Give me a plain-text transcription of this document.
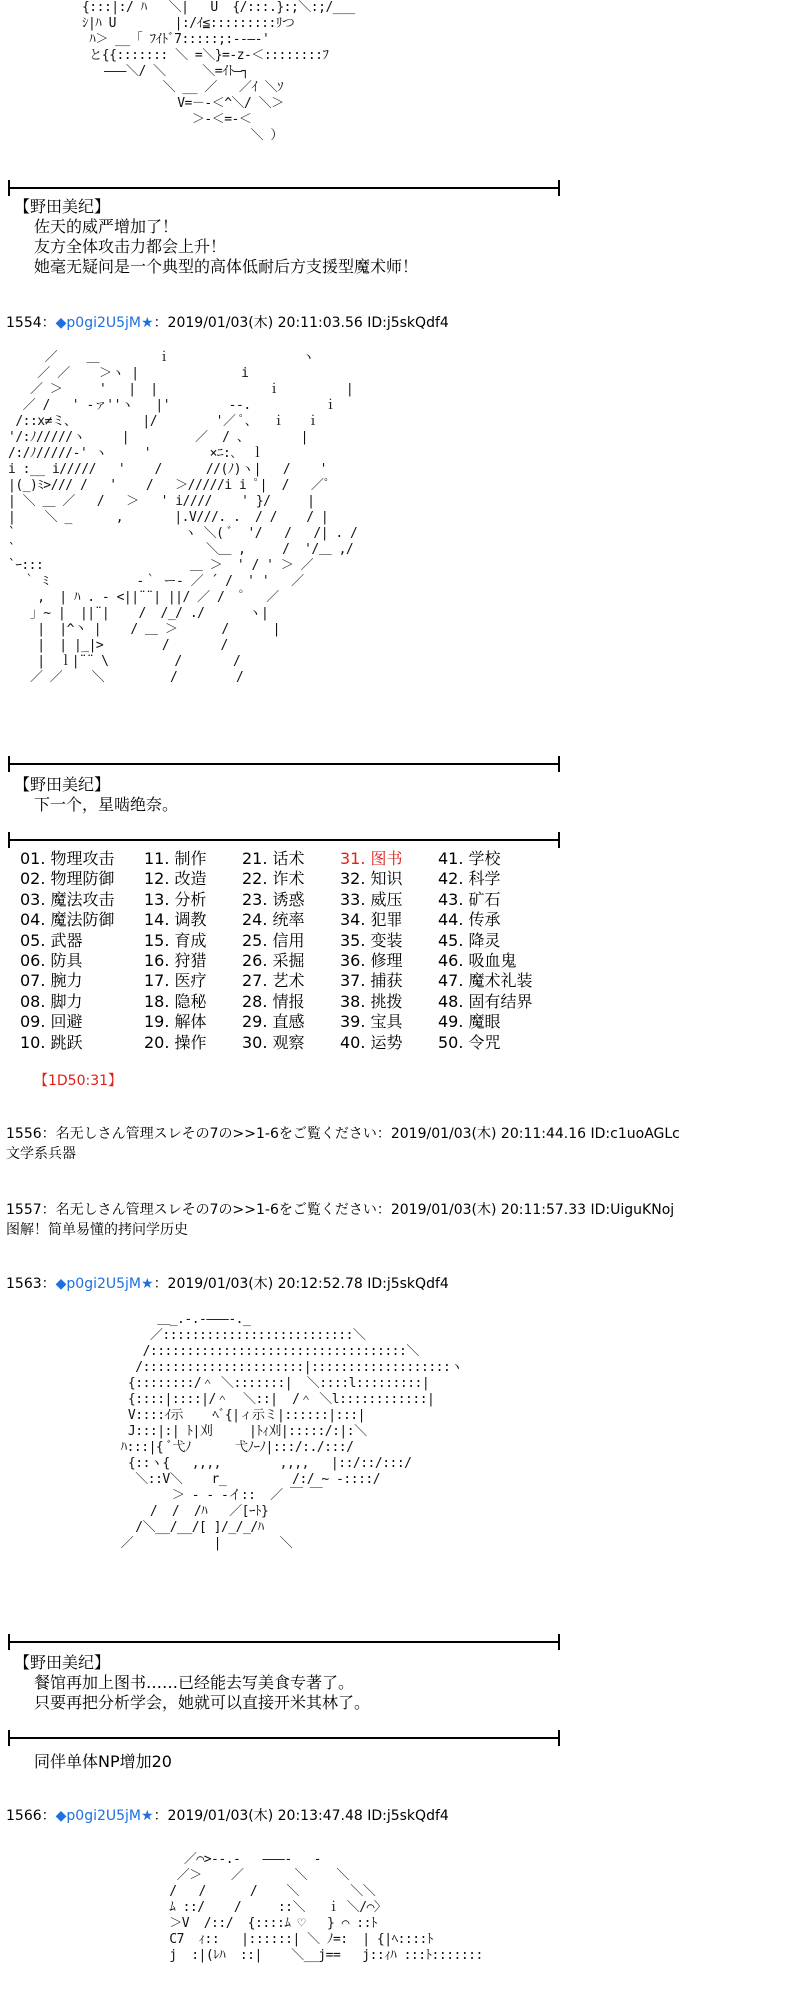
{:::|:/ ﾊ   ＼|   U  {/:::.}:;＼:;/___
ｼ|ﾊ U        |:/ｲ≦:::::::::ﾘつ
ﾊ＞ __「 ﾌｲﾄﾞ7:::::;:‐-―‐'
と{{::::::: ＼ =＼}=-z-＜::::::::ﾌ
―――＼/ ＼     ＼=ｲﾄ―┐
＼ __ ／   ／ｲ ＼ｿ
V=－‐＜^＼/ ＼＞
＞-＜=-＜
＼ ）
【野田美纪】
佐天的威严增加了！
友方全体攻击力都会上升！
她毫无疑问是一个典型的高体低耐后方支援型魔术师！
1554：◆p0gi2U5jM★：2019/01/03(木) 20:11:03.56 ID:j5skQdf4
／    ＿        ｉ                  ヽ
／ ／    ＞ヽ |              i
／ ＞     '   |  |               ｉ         |
／ /   ' ‐ァ''ヽ   |'        ‐-.          ｉ
/::x≠ミ、         |/        '／ ﾟ、  ｉ   ｉ
'/:ﾉ/////ヽ     |         ／  / 、       |
/:/ﾉ/////‐' ヽ     '        ×ﾆ:､  ｌ
i :__ i/////   '    /      //(ﾉ)ヽ|   /    '
|(_)ﾐ>/// /   '    /   ＞/////i i ﾟ|  /   ／ﾟ
| ＼ ＿ ／   /   ＞   ' i////    ' }/     |
|    ＼ _      ,       |.V///. .  / /    / |
`                       ヽ ＼( ﾞ  '/   /   /| . /
`                          ＼＿ ,     /  '/＿ ,/
`ｰ:::                    ＿ ＞  ' / ' ＞ ／
｀ ﾐ            ‐｀ ー- ／ ´ /  ' '   ／
,  | ﾊ . - <||¨¨| ||/ ／ /  ゜  ／
｣ ~ |  ||¨|    /  /_/ ./      ヽ|
|  |^丶 |    / ＿ ＞      /      |
|  | |_|>        /       /
|  ｌ|¨¨ \         /       /
／ ／    ＼         /        /
【野田美纪】
下一个，星啮绝奈。
01. 物理攻击	11. 制作	21. 话术	31. 图书	41. 学校
02. 物理防御	12. 改造	22. 诈术	32. 知识	42. 科学
03. 魔法攻击	13. 分析	23. 诱惑	33. 威压	43. 矿石
04. 魔法防御	14. 调教	24. 统率	34. 犯罪	44. 传承
05. 武器	15. 育成	25. 信用	35. 变装	45. 降灵
06. 防具	16. 狩猎	26. 采掘	36. 修理	46. 吸血鬼
07. 腕力	17. 医疗	27. 艺术	37. 捕获	47. 魔术礼装
08. 脚力	18. 隐秘	28. 情报	38. 挑拨	48. 固有结界
09. 回避	19. 解体	29. 直感	39. 宝具	49. 魔眼
10. 跳跃	20. 操作	30. 观察	40. 运势	50. 令咒
【1D50:31】
1556：名无しさん管理スレその7の>>1-6をご覧ください：2019/01/03(木) 20:11:44.16 ID:c1uoAGLc
文学系兵器
1557：名无しさん管理スレその7の>>1-6をご覧ください：2019/01/03(木) 20:11:57.33 ID:UiguKNoj
图解！简单易懂的拷问学历史
1563：◆p0gi2U5jM★：2019/01/03(木) 20:12:52.78 ID:j5skQdf4
＿_.-.-―――-._
／::::::::::::::::::::::::::＼
/:::::::::::::::::::::::::::::::::::＼
/::::::::::::::::::::::|:::::::::::::::::::ヽ
{::::::::/＾ ＼:::::::|  ＼::::l:::::::::|
{::::|::::|/＾  ＼::|  /＾ ＼l::::::::::::|
V::::ｲ示    ﾍﾞ{|ィ示ミ|::::::|:::|
J:::|:| ﾄ|刈     |ﾄｨ刈|:::::/:|:＼
ﾊ:::|{ ﾞ弋ﾉ      弋ﾉｰﾉ|:::/:./:::/
{::ヽ{   ,,,,        ,,,,   |::/::/:::/
＼::V＼    r_         /:/ ~ ‐::::/
＞ ‐ - -イ::  ／ ￣ ￣
/  /  /ﾊ   ／[ｰﾄ}
/＼__/__/[ ]/_/_/ﾊ
／           |        ＼
【野田美纪】
餐馆再加上图书……已经能去写美食专著了。
只要再把分析学会，她就可以直接开米其林了。
同伴单体NP增加20
1566：◆p0gi2U5jM★：2019/01/03(木) 20:13:47.48 ID:j5skQdf4
／⌒>‐-.-   ―――-   -
／＞    ／       ＼    ＼
/   /      /    ＼       ＼＼
ﾑ ::/    /     ::＼   ｉ ＼/⌒〉
＞V  /::/  {::::ﾑ ♡   } ⌒ ::ﾄ
C7  ｨ::   |::::::| ＼ ﾉ=:  | {|ﾍ::::ﾄ
j  :|(ﾚﾊ  ::|    ＼__j==   j::ｨﾊ :::ﾄ:::::::
